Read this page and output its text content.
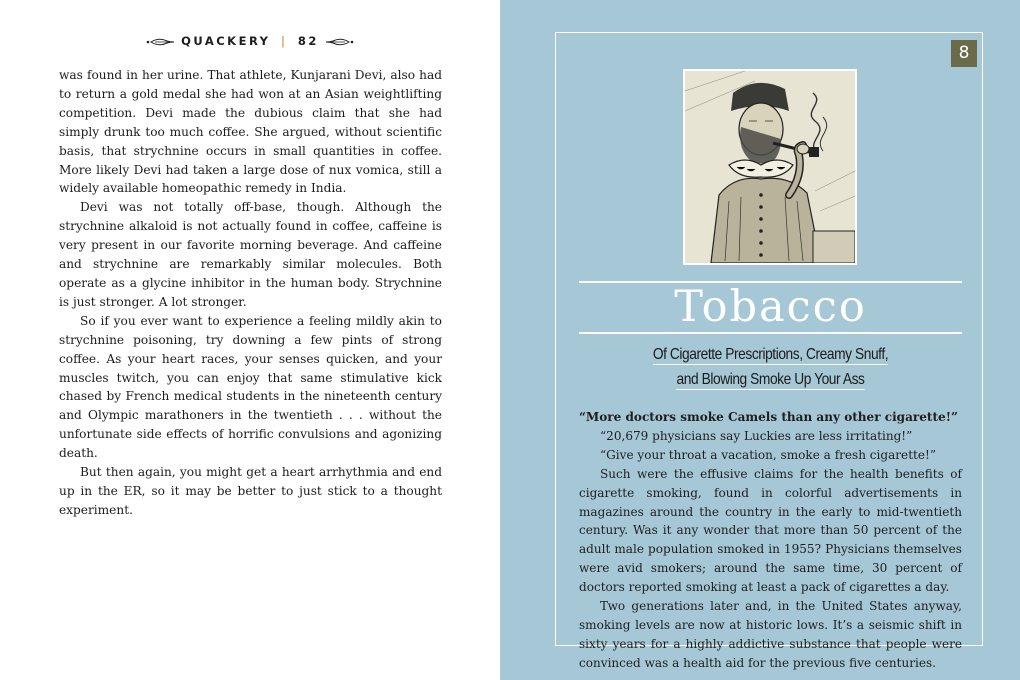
QUACKERY | 82

was found in her urine. That athlete, Kunjarani Devi, also had to return a gold medal she had won at an Asian weightlifting competition. Devi made the dubious claim that she had simply drunk too much coffee. She argued, without scientific basis, that strychnine occurs in small quantities in coffee. More likely Devi had taken a large dose of nux vomica, still a widely available homeopathic remedy in India.

Devi was not totally off-base, though. Although the strychnine alkaloid is not actually found in coffee, caffeine is very present in our favorite morning beverage. And caffeine and strychnine are remarkably similar molecules. Both operate as a glycine inhibitor in the human body. Strychnine is just stronger. A lot stronger.

So if you ever want to experience a feeling mildly akin to strychnine poisoning, try downing a few pints of strong coffee. As your heart races, your senses quicken, and your muscles twitch, you can enjoy that same stimulative kick chased by French medical students in the nineteenth century and Olympic marathoners in the twentieth . . . without the unfortunate side effects of horrific convulsions and agonizing death.

But then again, you might get a heart arrhythmia and end up in the ER, so it may be better to just stick to a thought experiment.

8
Tobacco
Of Cigarette Prescriptions, Creamy Snuff,
and Blowing Smoke Up Your Ass

“More doctors smoke Camels than any other cigarette!”

“20,679 physicians say Luckies are less irritating!”

“Give your throat a vacation, smoke a fresh cigarette!”

Such were the effusive claims for the health benefits of cigarette smoking, found in colorful advertisements in magazines around the country in the early to mid-twentieth century. Was it any wonder that more than 50 percent of the adult male population smoked in 1955? Physicians themselves were avid smokers; around the same time, 30 percent of doctors reported smoking at least a pack of cigarettes a day.

Two generations later and, in the United States anyway, smoking levels are now at historic lows. It’s a seismic shift in sixty years for a highly addictive substance that people were convinced was a health aid for the previous five centuries.
